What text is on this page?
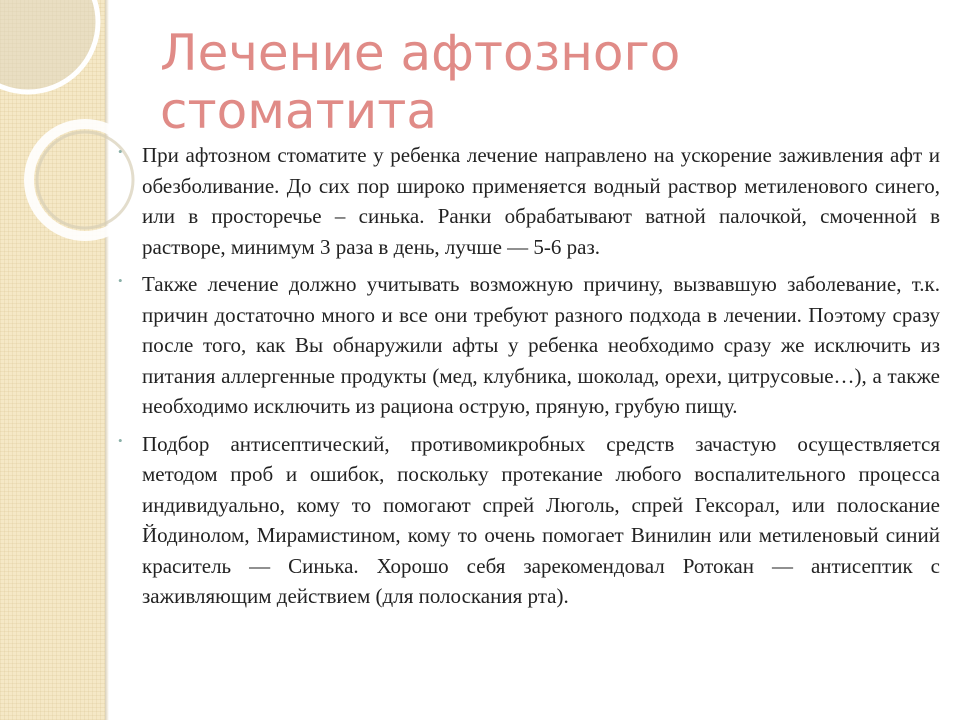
Лечение афтозного стоматита
• При афтозном стоматите у ребенка лечение направлено на ускорение заживления афт и обезболивание. До сих пор широко применяется водный раствор метиленового синего, или в просторечье – синька. Ранки обрабатывают ватной палочкой, смоченной в растворе, минимум 3 раза в день, лучше — 5-6 раз.
• Также лечение должно учитывать возможную причину, вызвавшую заболевание, т.к. причин достаточно много и все они требуют разного подхода в лечении. Поэтому сразу после того, как Вы обнаружили афты у ребенка необходимо сразу же исключить из питания аллергенные продукты (мед, клубника, шоколад, орехи, цитрусовые…), а также необходимо исключить из рациона острую, пряную, грубую пищу.
• Подбор антисептический, противомикробных средств зачастую осуществляется методом проб и ошибок, поскольку протекание любого воспалительного процесса индивидуально, кому то помогают спрей Люголь, спрей Гексорал, или полоскание Йодинолом, Мирамистином, кому то очень помогает Винилин или метиленовый синий краситель — Синька. Хорошо себя зарекомендовал Ротокан — антисептик с заживляющим действием (для полоскания рта).
